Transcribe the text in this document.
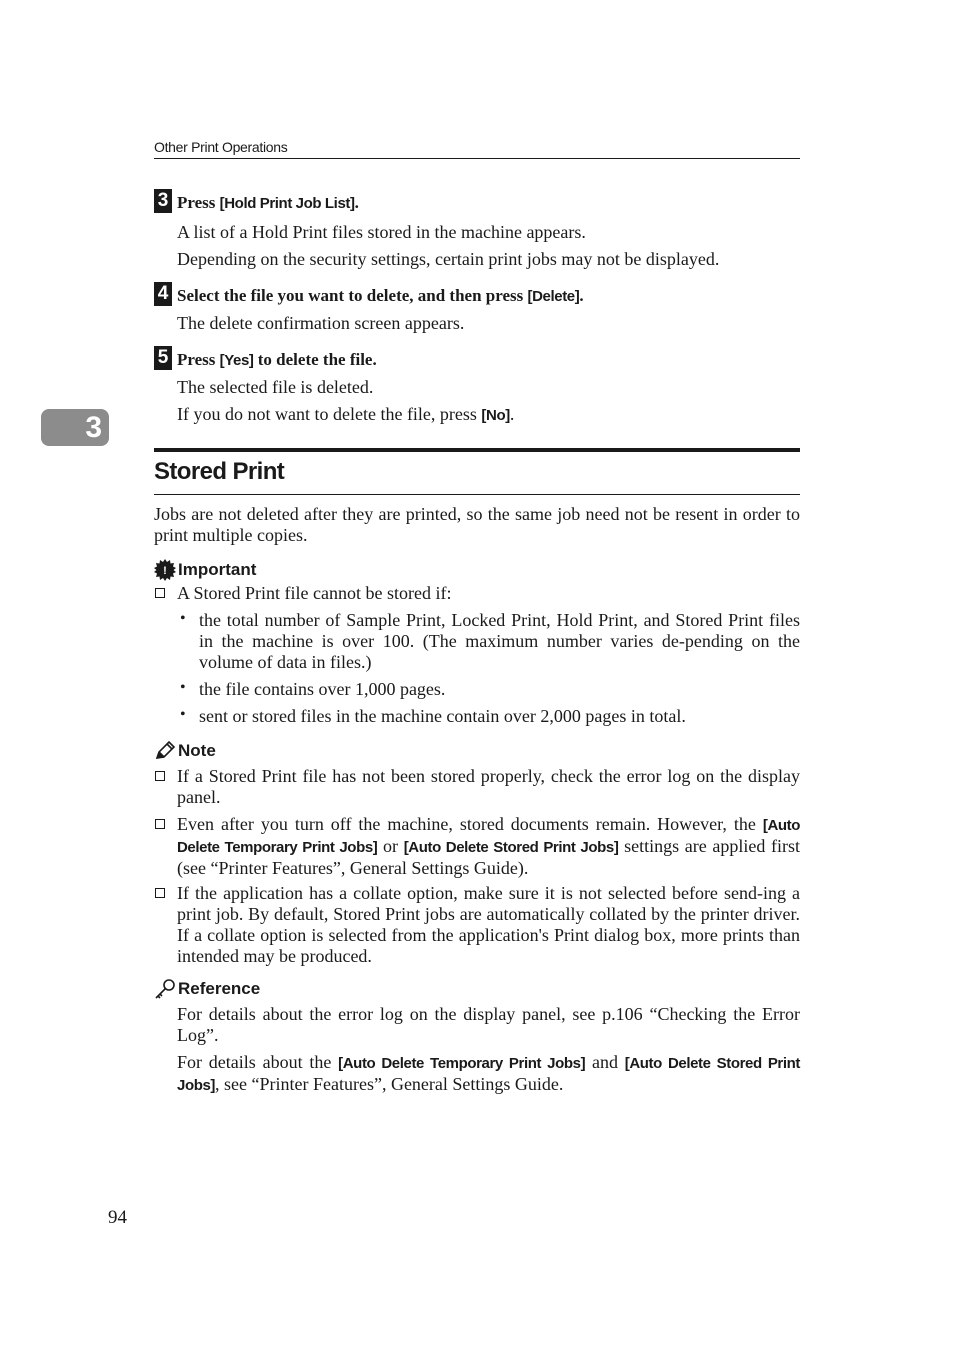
Other Print Operations
3
3 Press [Hold Print Job List].
A list of a Hold Print files stored in the machine appears.
Depending on the security settings, certain print jobs may not be displayed.
4 Select the file you want to delete, and then press [Delete].
The delete confirmation screen appears.
5 Press [Yes] to delete the file.
The selected file is deleted.
If you do not want to delete the file, press [No].
Stored Print
Jobs are not deleted after they are printed, so the same job need not be resent in order to print multiple copies.
! Important
A Stored Print file cannot be stored if:
• the total number of Sample Print, Locked Print, Hold Print, and Stored Print files in the machine is over 100. (The maximum number varies de-pending on the volume of data in files.)
• the file contains over 1,000 pages.
• sent or stored files in the machine contain over 2,000 pages in total.
Note
If a Stored Print file has not been stored properly, check the error log on the display panel.
Even after you turn off the machine, stored documents remain. However, the [Auto Delete Temporary Print Jobs] or [Auto Delete Stored Print Jobs] settings are applied first (see “Printer Features”, General Settings Guide).
If the application has a collate option, make sure it is not selected before send-ing a print job. By default, Stored Print jobs are automatically collated by the printer driver. If a collate option is selected from the application's Print dialog box, more prints than intended may be produced.
Reference
For details about the error log on the display panel, see p.106 “Checking the Error Log”.
For details about the [Auto Delete Temporary Print Jobs] and [Auto Delete Stored Print Jobs], see “Printer Features”, General Settings Guide.
94
